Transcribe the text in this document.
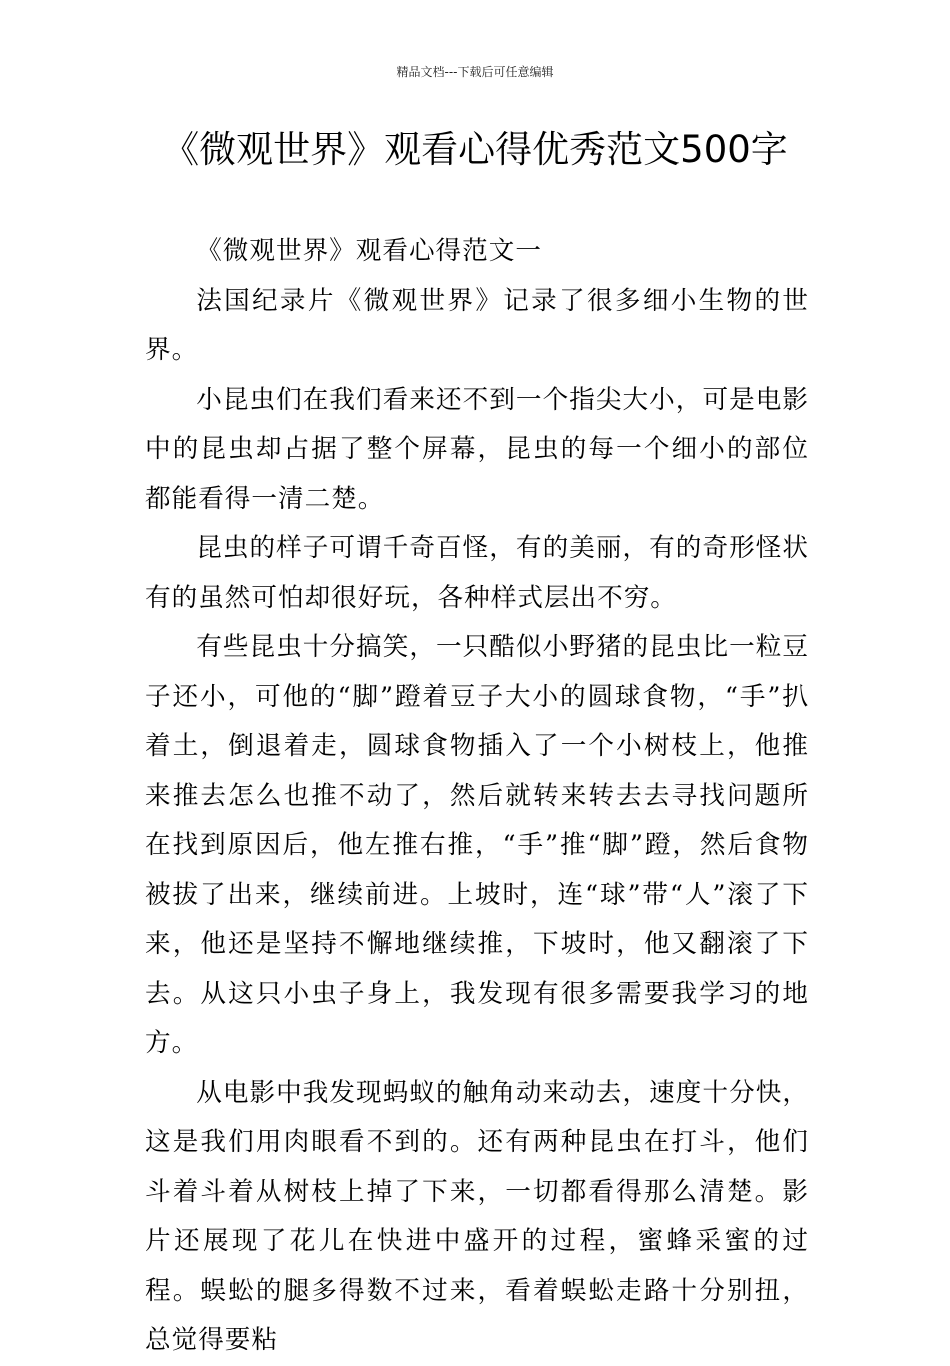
精品文档---下载后可任意编辑
《微观世界》观看心得优秀范文500字

《微观世界》观看心得范文一

法国纪录片《微观世界》记录了很多细小生物的世界。

小昆虫们在我们看来还不到一个指尖大小，可是电影中的昆虫却占据了整个屏幕，昆虫的每一个细小的部位都能看得一清二楚。

昆虫的样子可谓千奇百怪，有的美丽，有的奇形怪状有的虽然可怕却很好玩，各种样式层出不穷。

有些昆虫十分搞笑，一只酷似小野猪的昆虫比一粒豆子还小，可他的“脚”蹬着豆子大小的圆球食物，“手”扒着土，倒退着走，圆球食物插入了一个小树枝上，他推来推去怎么也推不动了，然后就转来转去去寻找问题所在找到原因后，他左推右推，“手”推“脚”蹬，然后食物被拔了出来，继续前进。上坡时，连“球”带“人”滚了下来，他还是坚持不懈地继续推，下坡时，他又翻滚了下去。从这只小虫子身上，我发现有很多需要我学习的地方。

从电影中我发现蚂蚁的触角动来动去，速度十分快，这是我们用肉眼看不到的。还有两种昆虫在打斗，他们斗着斗着从树枝上掉了下来，一切都看得那么清楚。影片还展现了花儿在快进中盛开的过程，蜜蜂采蜜的过程。蜈蚣的腿多得数不过来，看着蜈蚣走路十分别扭，总觉得要粘
